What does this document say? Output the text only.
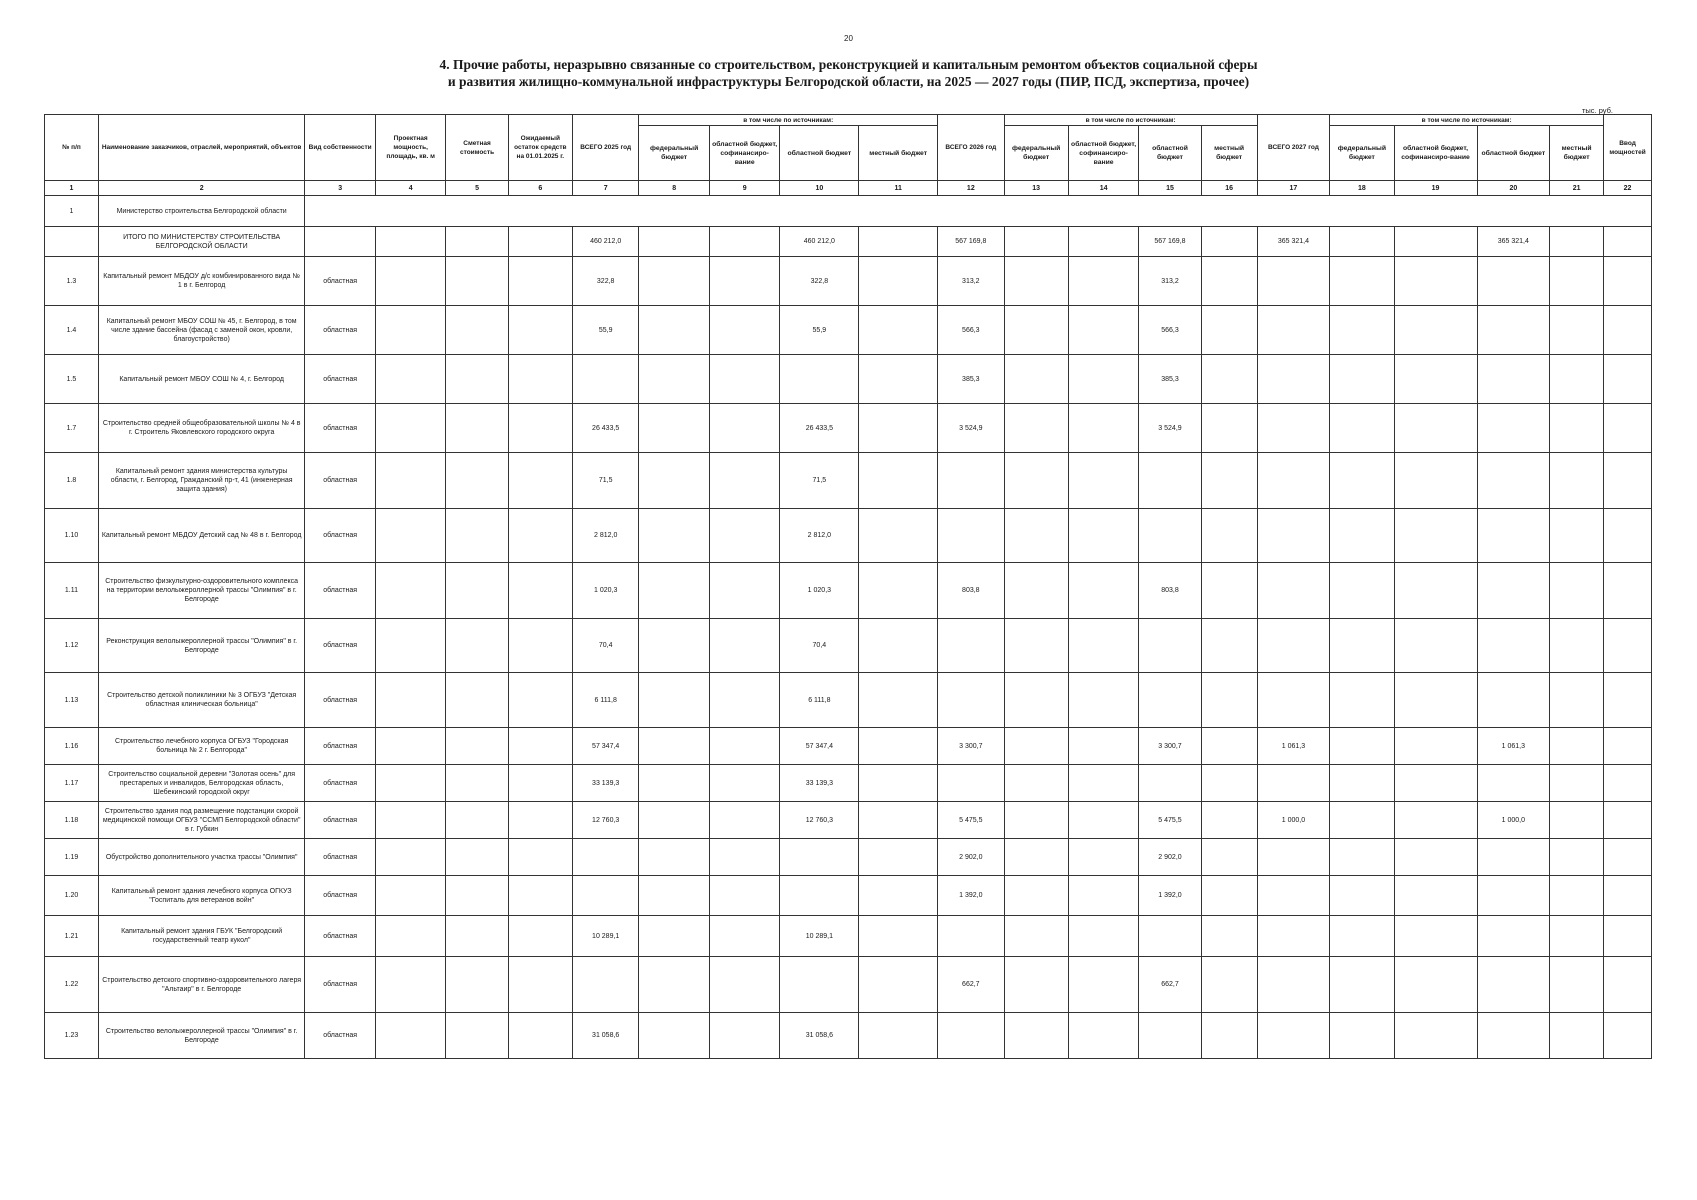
20
4. Прочие работы, неразрывно связанные со строительством, реконструкцией и капитальным ремонтом объектов социальной сферы
и развития жилищно-коммунальной инфраструктуры Белгородской области, на 2025 — 2027 годы (ПИР, ПСД, экспертиза, прочее)
тыс. руб.
№ п/п	Наименование заказчиков, отраслей, мероприятий, объектов	Вид собственности	Проектная мощность, площадь, кв. м	Сметная стоимость	Ожидаемый остаток средств на 01.01.2025 г.	ВСЕГО 2025 год	в том числе по источникам:				ВСЕГО 2026 год	в том числе по источникам:				ВСЕГО 2027 год	в том числе по источникам:				Ввод мощностей
							федеральный бюджет	областной бюджет, софинансиро-вание	областной бюджет	местный бюджет		федеральный бюджет	областной бюджет, софинансиро-вание	областной бюджет	местный бюджет		федеральный бюджет	областной бюджет, софинансиро-вание	областной бюджет	местный бюджет	
1	2	3	4	5	6	7	8	9	10	11	12	13	14	15	16	17	18	19	20	21	22
1	Министерство строительства Белгородской области																				
	ИТОГО ПО МИНИСТЕРСТВУ СТРОИТЕЛЬСТВА БЕЛГОРОДСКОЙ ОБЛАСТИ					460 212,0			460 212,0		567 169,8			567 169,8		365 321,4			365 321,4		
1.3	Капитальный ремонт МБДОУ д/с комбинированного вида № 1 в г. Белгород	областная				322,8			322,8		313,2			313,2							
1.4	Капитальный ремонт МБОУ СОШ № 45, г. Белгород, в том числе здание бассейна (фасад с заменой окон, кровли, благоустройство)	областная				55,9			55,9		566,3			566,3							
1.5	Капитальный ремонт МБОУ СОШ № 4, г. Белгород	областная									385,3			385,3							
1.7	Строительство средней общеобразовательной школы № 4 в г. Строитель Яковлевского городского округа	областная				26 433,5			26 433,5		3 524,9			3 524,9							
1.8	Капитальный ремонт здания министерства культуры области, г. Белгород, Гражданский пр-т, 41 (инженерная защита здания)	областная				71,5			71,5												
1.10	Капитальный ремонт МБДОУ Детский сад № 48 в г. Белгород	областная				2 812,0			2 812,0												
1.11	Строительство физкультурно-оздоровительного комплекса на территории велолыжероллерной трассы "Олимпия" в г. Белгороде	областная				1 020,3			1 020,3		803,8			803,8							
1.12	Реконструкция велолыжероллерной трассы "Олимпия" в г. Белгороде	областная				70,4			70,4												
1.13	Строительство детской поликлиники № 3 ОГБУЗ "Детская областная клиническая больница"	областная				6 111,8			6 111,8												
1.16	Строительство лечебного корпуса ОГБУЗ "Городская больница № 2 г. Белгорода"	областная				57 347,4			57 347,4		3 300,7			3 300,7		1 061,3			1 061,3		
1.17	Строительство социальной деревни "Золотая осень" для престарелых и инвалидов, Белгородская область, Шебекинский городской округ	областная				33 139,3			33 139,3												
1.18	Строительство здания под размещение подстанции скорой медицинской помощи ОГБУЗ "ССМП Белгородской области" в г. Губкин	областная				12 760,3			12 760,3		5 475,5			5 475,5		1 000,0			1 000,0		
1.19	Обустройство дополнительного участка трассы "Олимпия"	областная									2 902,0			2 902,0							
1.20	Капитальный ремонт здания лечебного корпуса ОГКУЗ "Госпиталь для ветеранов войн"	областная									1 392,0			1 392,0							
1.21	Капитальный ремонт здания ГБУК "Белгородский государственный театр кукол"	областная				10 289,1			10 289,1												
1.22	Строительство детского спортивно-оздоровительного лагеря "Альтаир" в г. Белгороде	областная									662,7			662,7							
1.23	Строительство велолыжероллерной трассы "Олимпия" в г. Белгороде	областная				31 058,6			31 058,6												
